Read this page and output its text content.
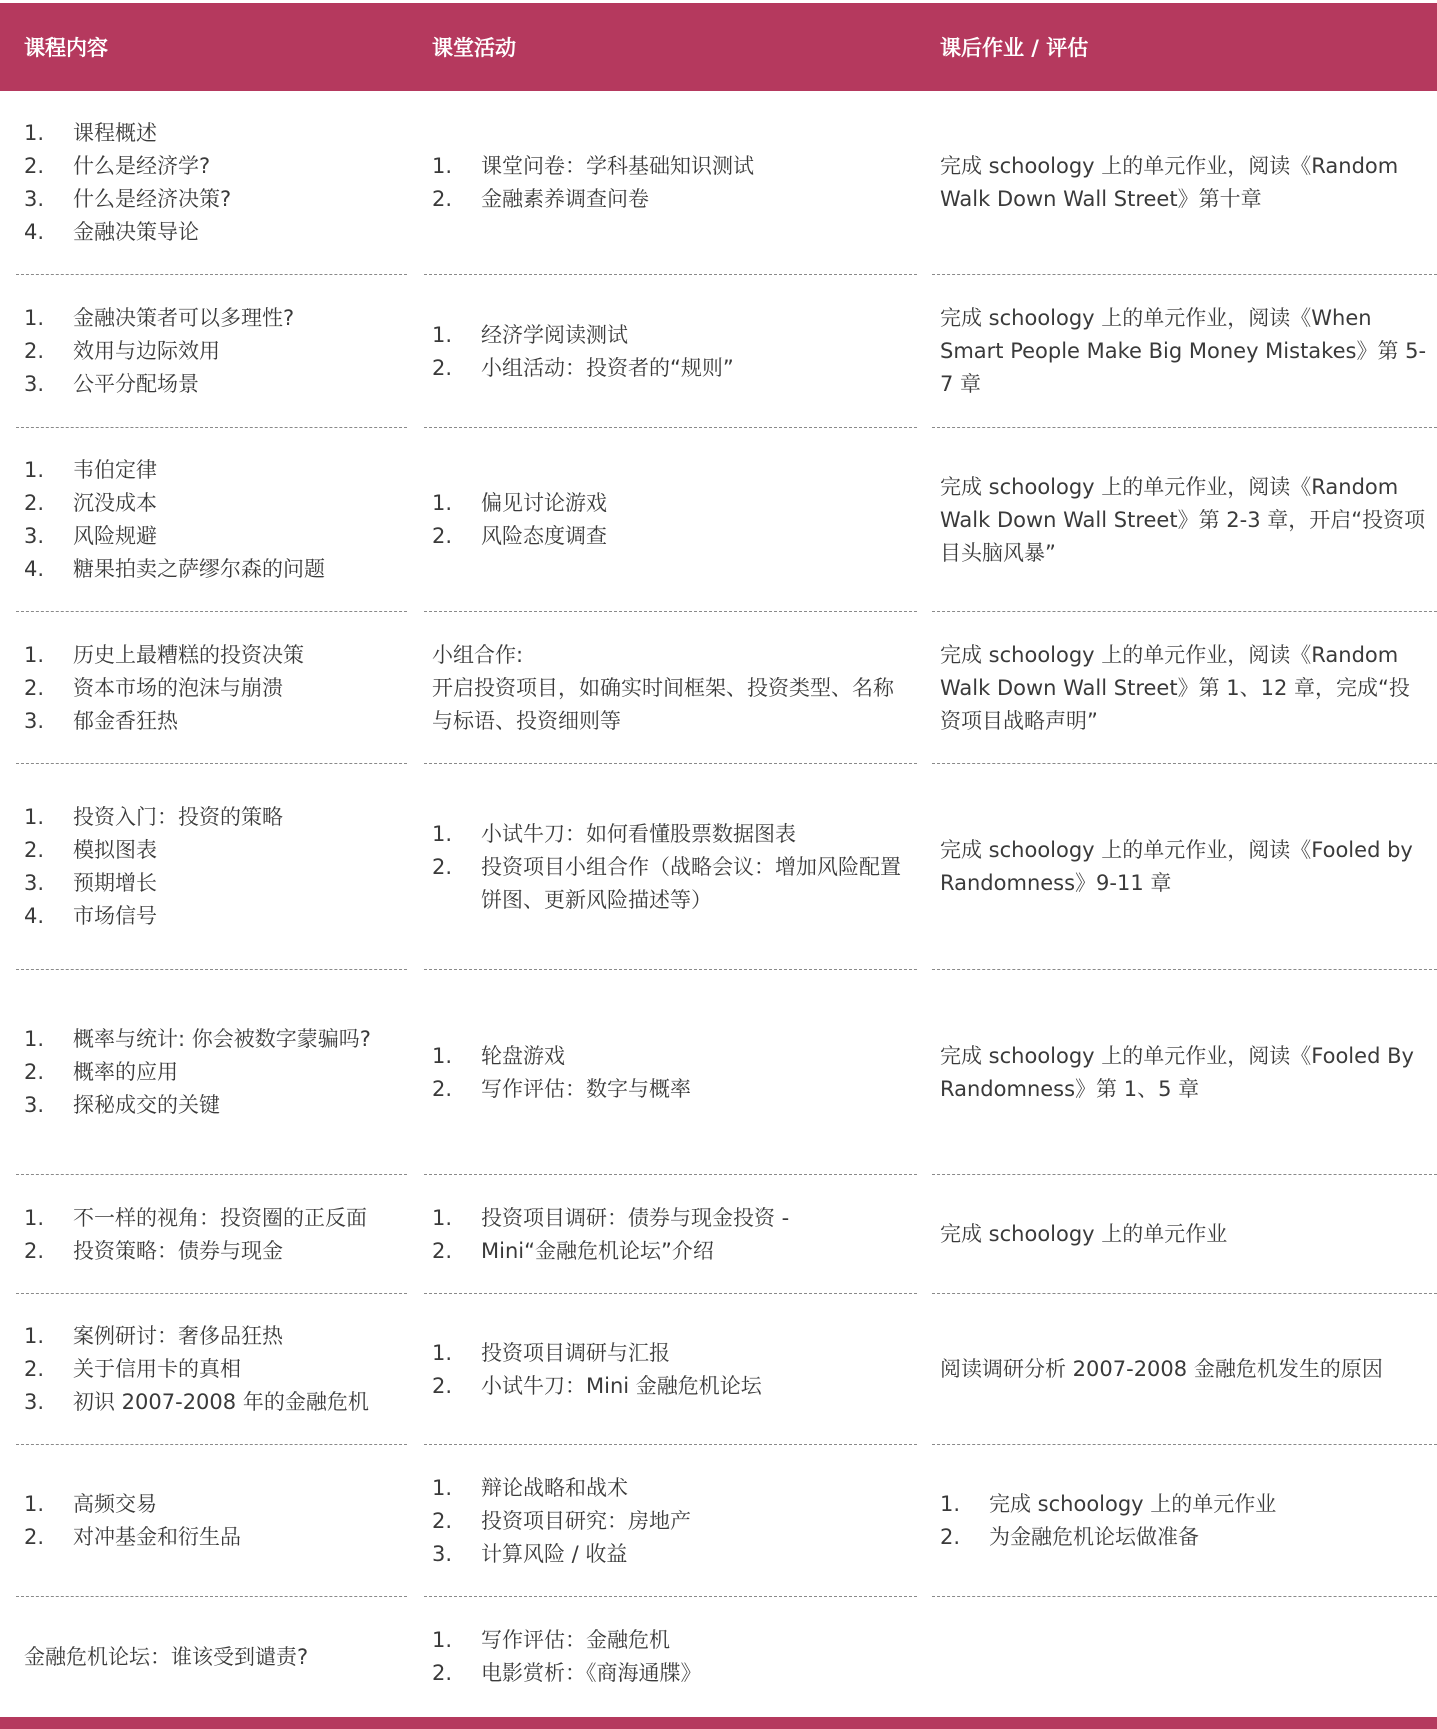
课程内容	课堂活动	课后作业 / 评估
1. 课程概述
2. 什么是经济学?
3. 什么是经济决策?
4. 金融决策导论
1. 课堂问卷：学科基础知识测试
2. 金融素养调查问卷
完成 schoology 上的单元作业，阅读《Random Walk Down Wall Street》第十章
1. 金融决策者可以多理性?
2. 效用与边际效用
3. 公平分配场景
1. 经济学阅读测试
2. 小组活动：投资者的“规则”
完成 schoology 上的单元作业，阅读《When Smart People Make Big Money Mistakes》第 5-7 章
1. 韦伯定律
2. 沉没成本
3. 风险规避
4. 糖果拍卖之萨缪尔森的问题
1. 偏见讨论游戏
2. 风险态度调查
完成 schoology 上的单元作业，阅读《Random Walk Down Wall Street》第 2-3 章，开启“投资项目头脑风暴”
1. 历史上最糟糕的投资决策
2. 资本市场的泡沫与崩溃
3. 郁金香狂热
小组合作:
开启投资项目，如确实时间框架、投资类型、名称与标语、投资细则等
完成 schoology 上的单元作业，阅读《Random Walk Down Wall Street》第 1、12 章，完成“投资项目战略声明”
1. 投资入门：投资的策略
2. 模拟图表
3. 预期增长
4. 市场信号
1. 小试牛刀：如何看懂股票数据图表
2. 投资项目小组合作（战略会议：增加风险配置饼图、更新风险描述等）
完成 schoology 上的单元作业，阅读《Fooled by Randomness》9-11 章
1. 概率与统计: 你会被数字蒙骗吗?
2. 概率的应用
3. 探秘成交的关键
1. 轮盘游戏
2. 写作评估：数字与概率
完成 schoology 上的单元作业，阅读《Fooled By Randomness》第 1、5 章
1. 不一样的视角：投资圈的正反面
2. 投资策略：债券与现金
1. 投资项目调研：债券与现金投资 -
2. Mini“金融危机论坛”介绍
完成 schoology 上的单元作业
1. 案例研讨：奢侈品狂热
2. 关于信用卡的真相
3. 初识 2007-2008 年的金融危机
1. 投资项目调研与汇报
2. 小试牛刀：Mini 金融危机论坛
阅读调研分析 2007-2008 金融危机发生的原因
1. 高频交易
2. 对冲基金和衍生品
1. 辩论战略和战术
2. 投资项目研究：房地产
3. 计算风险 / 收益
1. 完成 schoology 上的单元作业
2. 为金融危机论坛做准备
金融危机论坛：谁该受到谴责?
1. 写作评估：金融危机
2. 电影赏析：《商海通牒》
